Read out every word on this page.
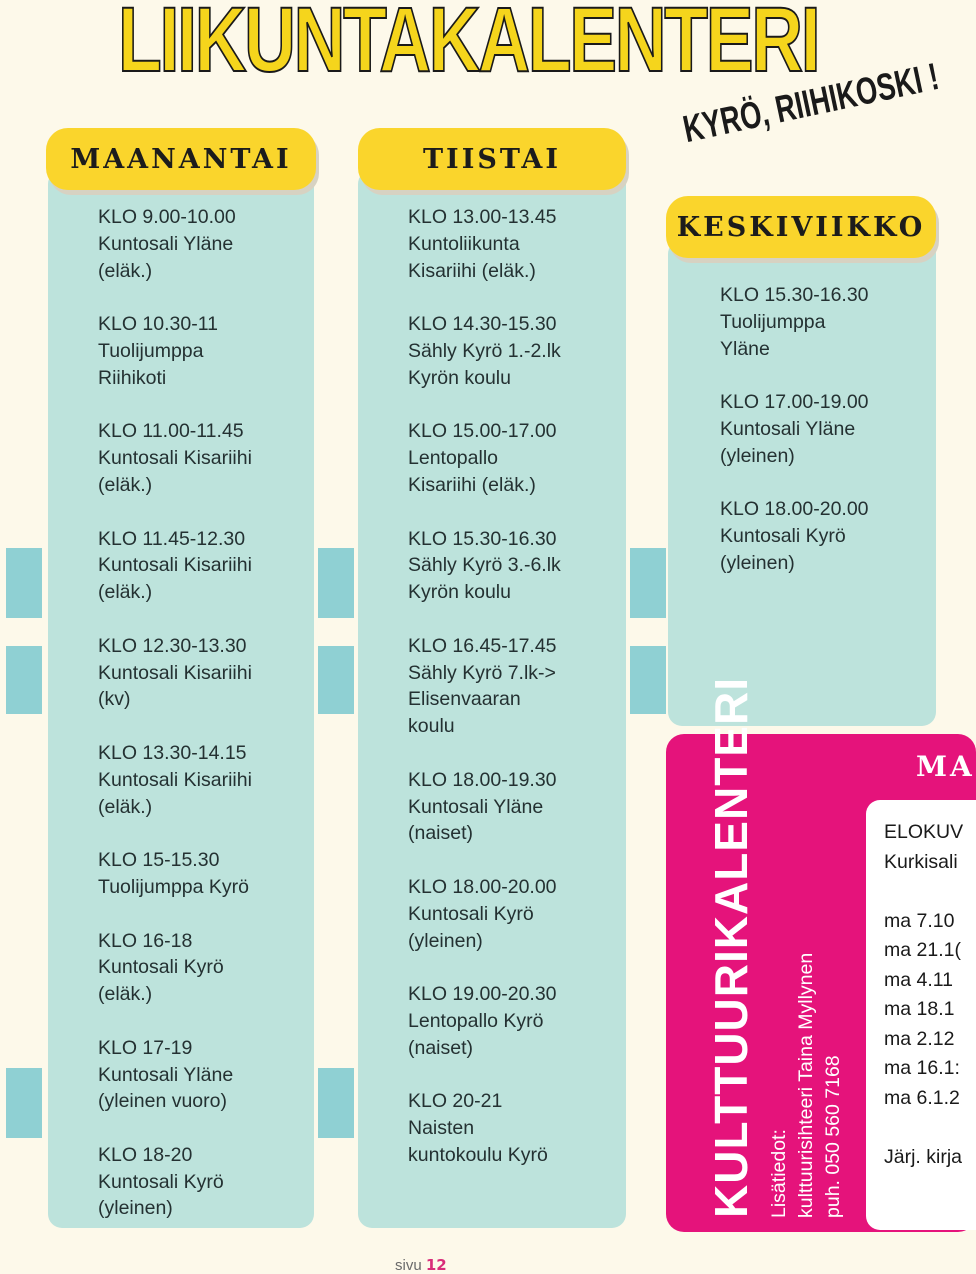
LIIKUNTAKALENTERI
KYRÖ, RIIHIKOSKI !
MAANANTAI

KLO 9.00-10.00
Kuntosali Yläne
(eläk.)

KLO 10.30-11
Tuolijumppa
Riihikoti

KLO 11.00-11.45
Kuntosali Kisariihi
(eläk.)

KLO 11.45-12.30
Kuntosali Kisariihi
(eläk.)

KLO 12.30-13.30
Kuntosali Kisariihi
(kv)

KLO 13.30-14.15
Kuntosali Kisariihi
(eläk.)

KLO 15-15.30
Tuolijumppa Kyrö

KLO 16-18
Kuntosali Kyrö
(eläk.)

KLO 17-19
Kuntosali Yläne
(yleinen vuoro)

KLO 18-20
Kuntosali Kyrö
(yleinen)

TIISTAI

KLO 13.00-13.45
Kuntoliikunta
Kisariihi (eläk.)

KLO 14.30-15.30
Sähly Kyrö 1.-2.lk
Kyrön koulu

KLO 15.00-17.00
Lentopallo
Kisariihi (eläk.)

KLO 15.30-16.30
Sähly Kyrö 3.-6.lk
Kyrön koulu

KLO 16.45-17.45
Sähly Kyrö 7.lk->
Elisenvaaran
koulu

KLO 18.00-19.30
Kuntosali Yläne
(naiset)

KLO 18.00-20.00
Kuntosali Kyrö
(yleinen)

KLO 19.00-20.30
Lentopallo Kyrö
(naiset)

KLO 20-21
Naisten
kuntokoulu Kyrö

KESKIVIIKKO

KLO 15.30-16.30
Tuolijumppa
Yläne

KLO 17.00-19.00
Kuntosali Yläne
(yleinen)

KLO 18.00-20.00
Kuntosali Kyrö
(yleinen)

KULTTUURIKALENTERI Lisätiedot: kulttuurisihteeri Taina Myllynen puh. 050 560 7168
MA
ELOKUV
Kurkisali
ma 7.10
ma 21.1(
ma 4.11
ma 18.1
ma 2.12
ma 16.1:
ma 6.1.2
Järj. kirja
sivu 12
